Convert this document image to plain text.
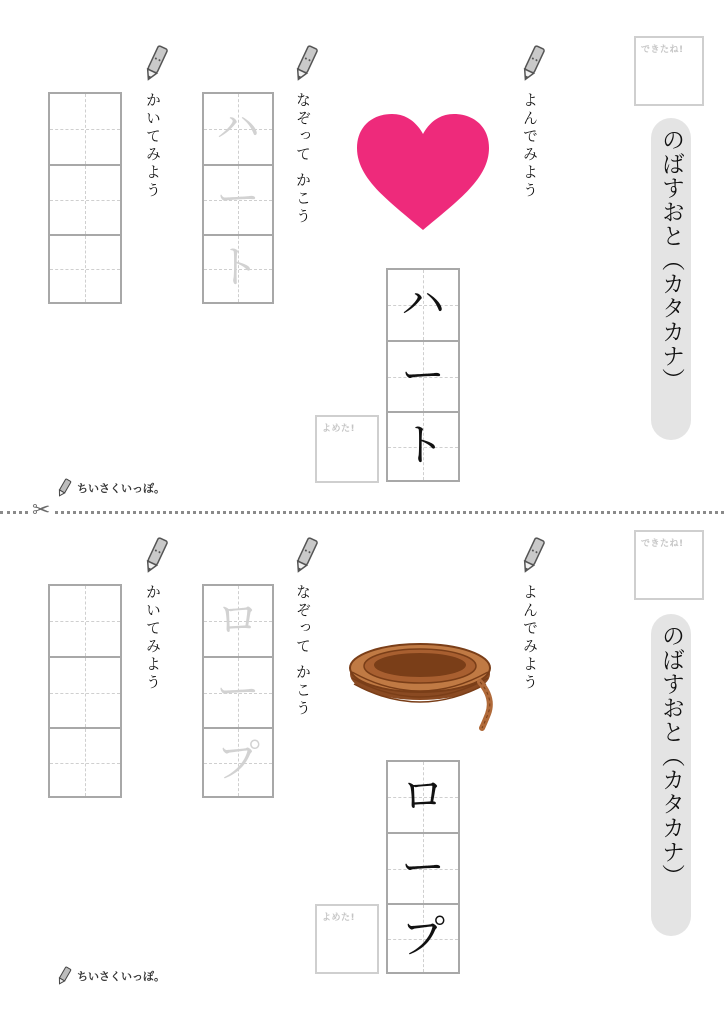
できたね!
のばすおと（カタカナ）
よんでみよう
なぞって かこう
かいてみよう
ハ
ー
ト
よめた!
ハ
ー
ト
ちいさくいっぽ。
✂
できたね!
のばすおと（カタカナ）
よんでみよう
なぞって かこう
かいてみよう
ロ
ー
プ
よめた!
ロ
ー
プ
ちいさくいっぽ。
